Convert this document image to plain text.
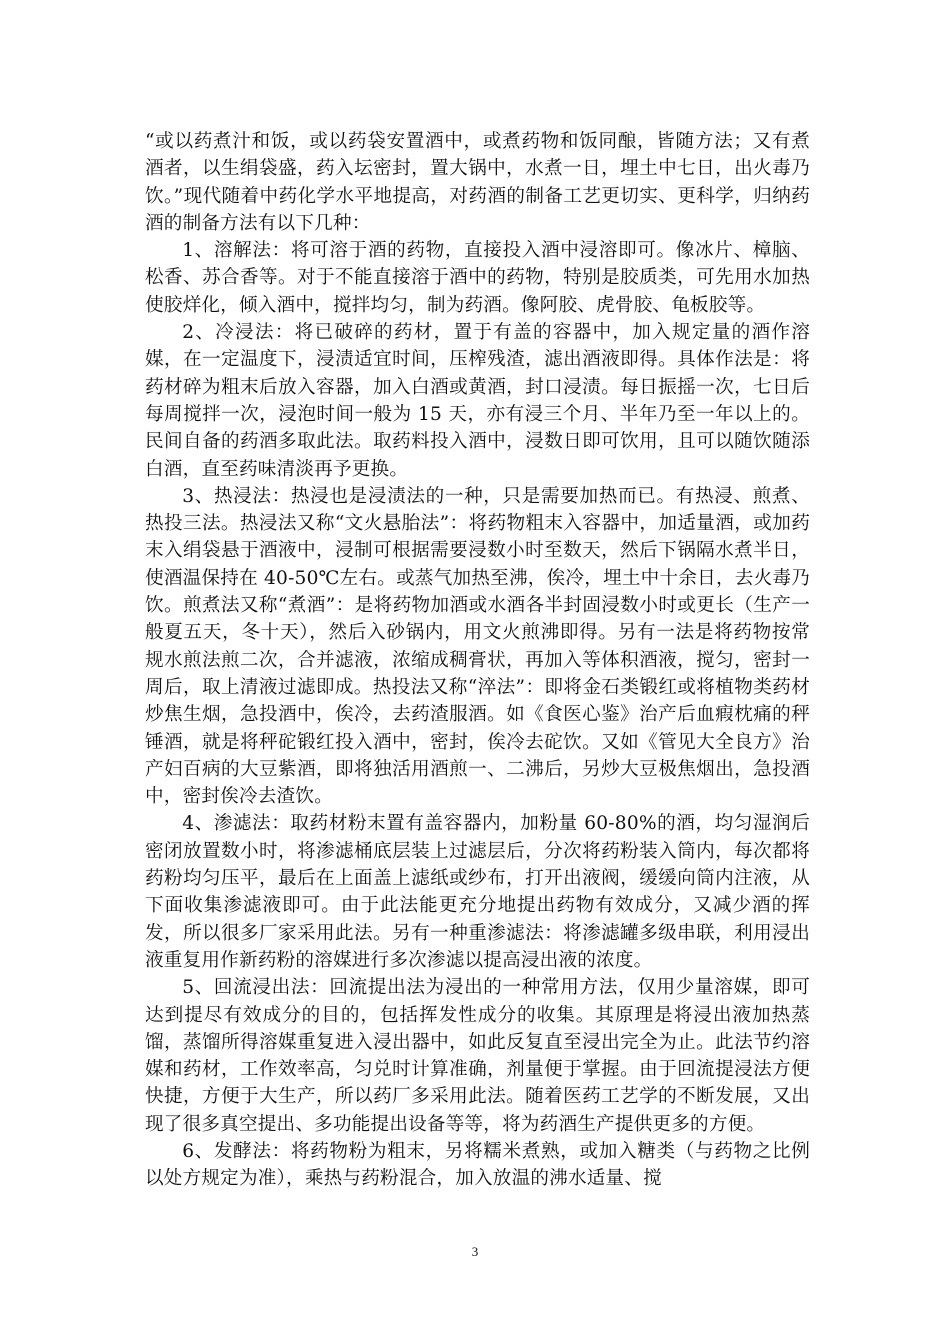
“或以药煮汁和饭，或以药袋安置酒中，或煮药物和饭同酿，皆随方法；又有煮酒者，以生绢袋盛，药入坛密封，置大锅中，水煮一日，埋土中七日，出火毒乃饮。”现代随着中药化学水平地提高，对药酒的制备工艺更切实、更科学，归纳药酒的制备方法有以下几种：

1、溶解法：将可溶于酒的药物，直接投入酒中浸溶即可。像冰片、樟脑、松香、苏合香等。对于不能直接溶于酒中的药物，特别是胶质类，可先用水加热使胶烊化，倾入酒中，搅拌均匀，制为药酒。像阿胶、虎骨胶、龟板胶等。

2、冷浸法：将已破碎的药材，置于有盖的容器中，加入规定量的酒作溶媒，在一定温度下，浸渍适宜时间，压榨残渣，滤出酒液即得。具体作法是：将药材碎为粗末后放入容器，加入白酒或黄酒，封口浸渍。每日振摇一次，七日后每周搅拌一次，浸泡时间一般为 15 天，亦有浸三个月、半年乃至一年以上的。民间自备的药酒多取此法。取药料投入酒中，浸数日即可饮用，且可以随饮随添白酒，直至药味清淡再予更换。

3、热浸法：热浸也是浸渍法的一种，只是需要加热而已。有热浸、煎煮、热投三法。热浸法又称“文火悬胎法”：将药物粗末入容器中，加适量酒，或加药末入绢袋悬于酒液中，浸制可根据需要浸数小时至数天，然后下锅隔水煮半日，使酒温保持在 40-50℃左右。或蒸气加热至沸，俟冷，埋土中十余日，去火毒乃饮。煎煮法又称“煮酒”：是将药物加酒或水酒各半封固浸数小时或更长（生产一般夏五天，冬十天），然后入砂锅内，用文火煎沸即得。另有一法是将药物按常规水煎法煎二次，合并滤液，浓缩成稠膏状，再加入等体积酒液，搅匀，密封一周后，取上清液过滤即成。热投法又称“淬法”：即将金石类锻红或将植物类药材炒焦生烟，急投酒中，俟冷，去药渣服酒。如《食医心鉴》治产后血瘕枕痛的秤锤酒，就是将秤砣锻红投入酒中，密封，俟冷去砣饮。又如《管见大全良方》治产妇百病的大豆紫酒，即将独活用酒煎一、二沸后，另炒大豆极焦烟出，急投酒中，密封俟冷去渣饮。

4、渗滤法：取药材粉末置有盖容器内，加粉量 60-80%的酒，均匀湿润后密闭放置数小时，将渗滤桶底层装上过滤层后，分次将药粉装入筒内，每次都将药粉均匀压平，最后在上面盖上滤纸或纱布，打开出液阀，缓缓向筒内注液，从下面收集渗滤液即可。由于此法能更充分地提出药物有效成分，又减少酒的挥发，所以很多厂家采用此法。另有一种重渗滤法：将渗滤罐多级串联，利用浸出液重复用作新药粉的溶媒进行多次渗滤以提高浸出液的浓度。

5、回流浸出法：回流提出法为浸出的一种常用方法，仅用少量溶媒，即可达到提尽有效成分的目的，包括挥发性成分的收集。其原理是将浸出液加热蒸馏，蒸馏所得溶媒重复进入浸出器中，如此反复直至浸出完全为止。此法节约溶媒和药材，工作效率高，匀兑时计算准确，剂量便于掌握。由于回流提浸法方便快捷，方便于大生产，所以药厂多采用此法。随着医药工艺学的不断发展，又出现了很多真空提出、多功能提出设备等等，将为药酒生产提供更多的方便。

6、发酵法：将药物粉为粗末，另将糯米煮熟，或加入糖类（与药物之比例以处方规定为准），乘热与药粉混合，加入放温的沸水适量、搅

3
